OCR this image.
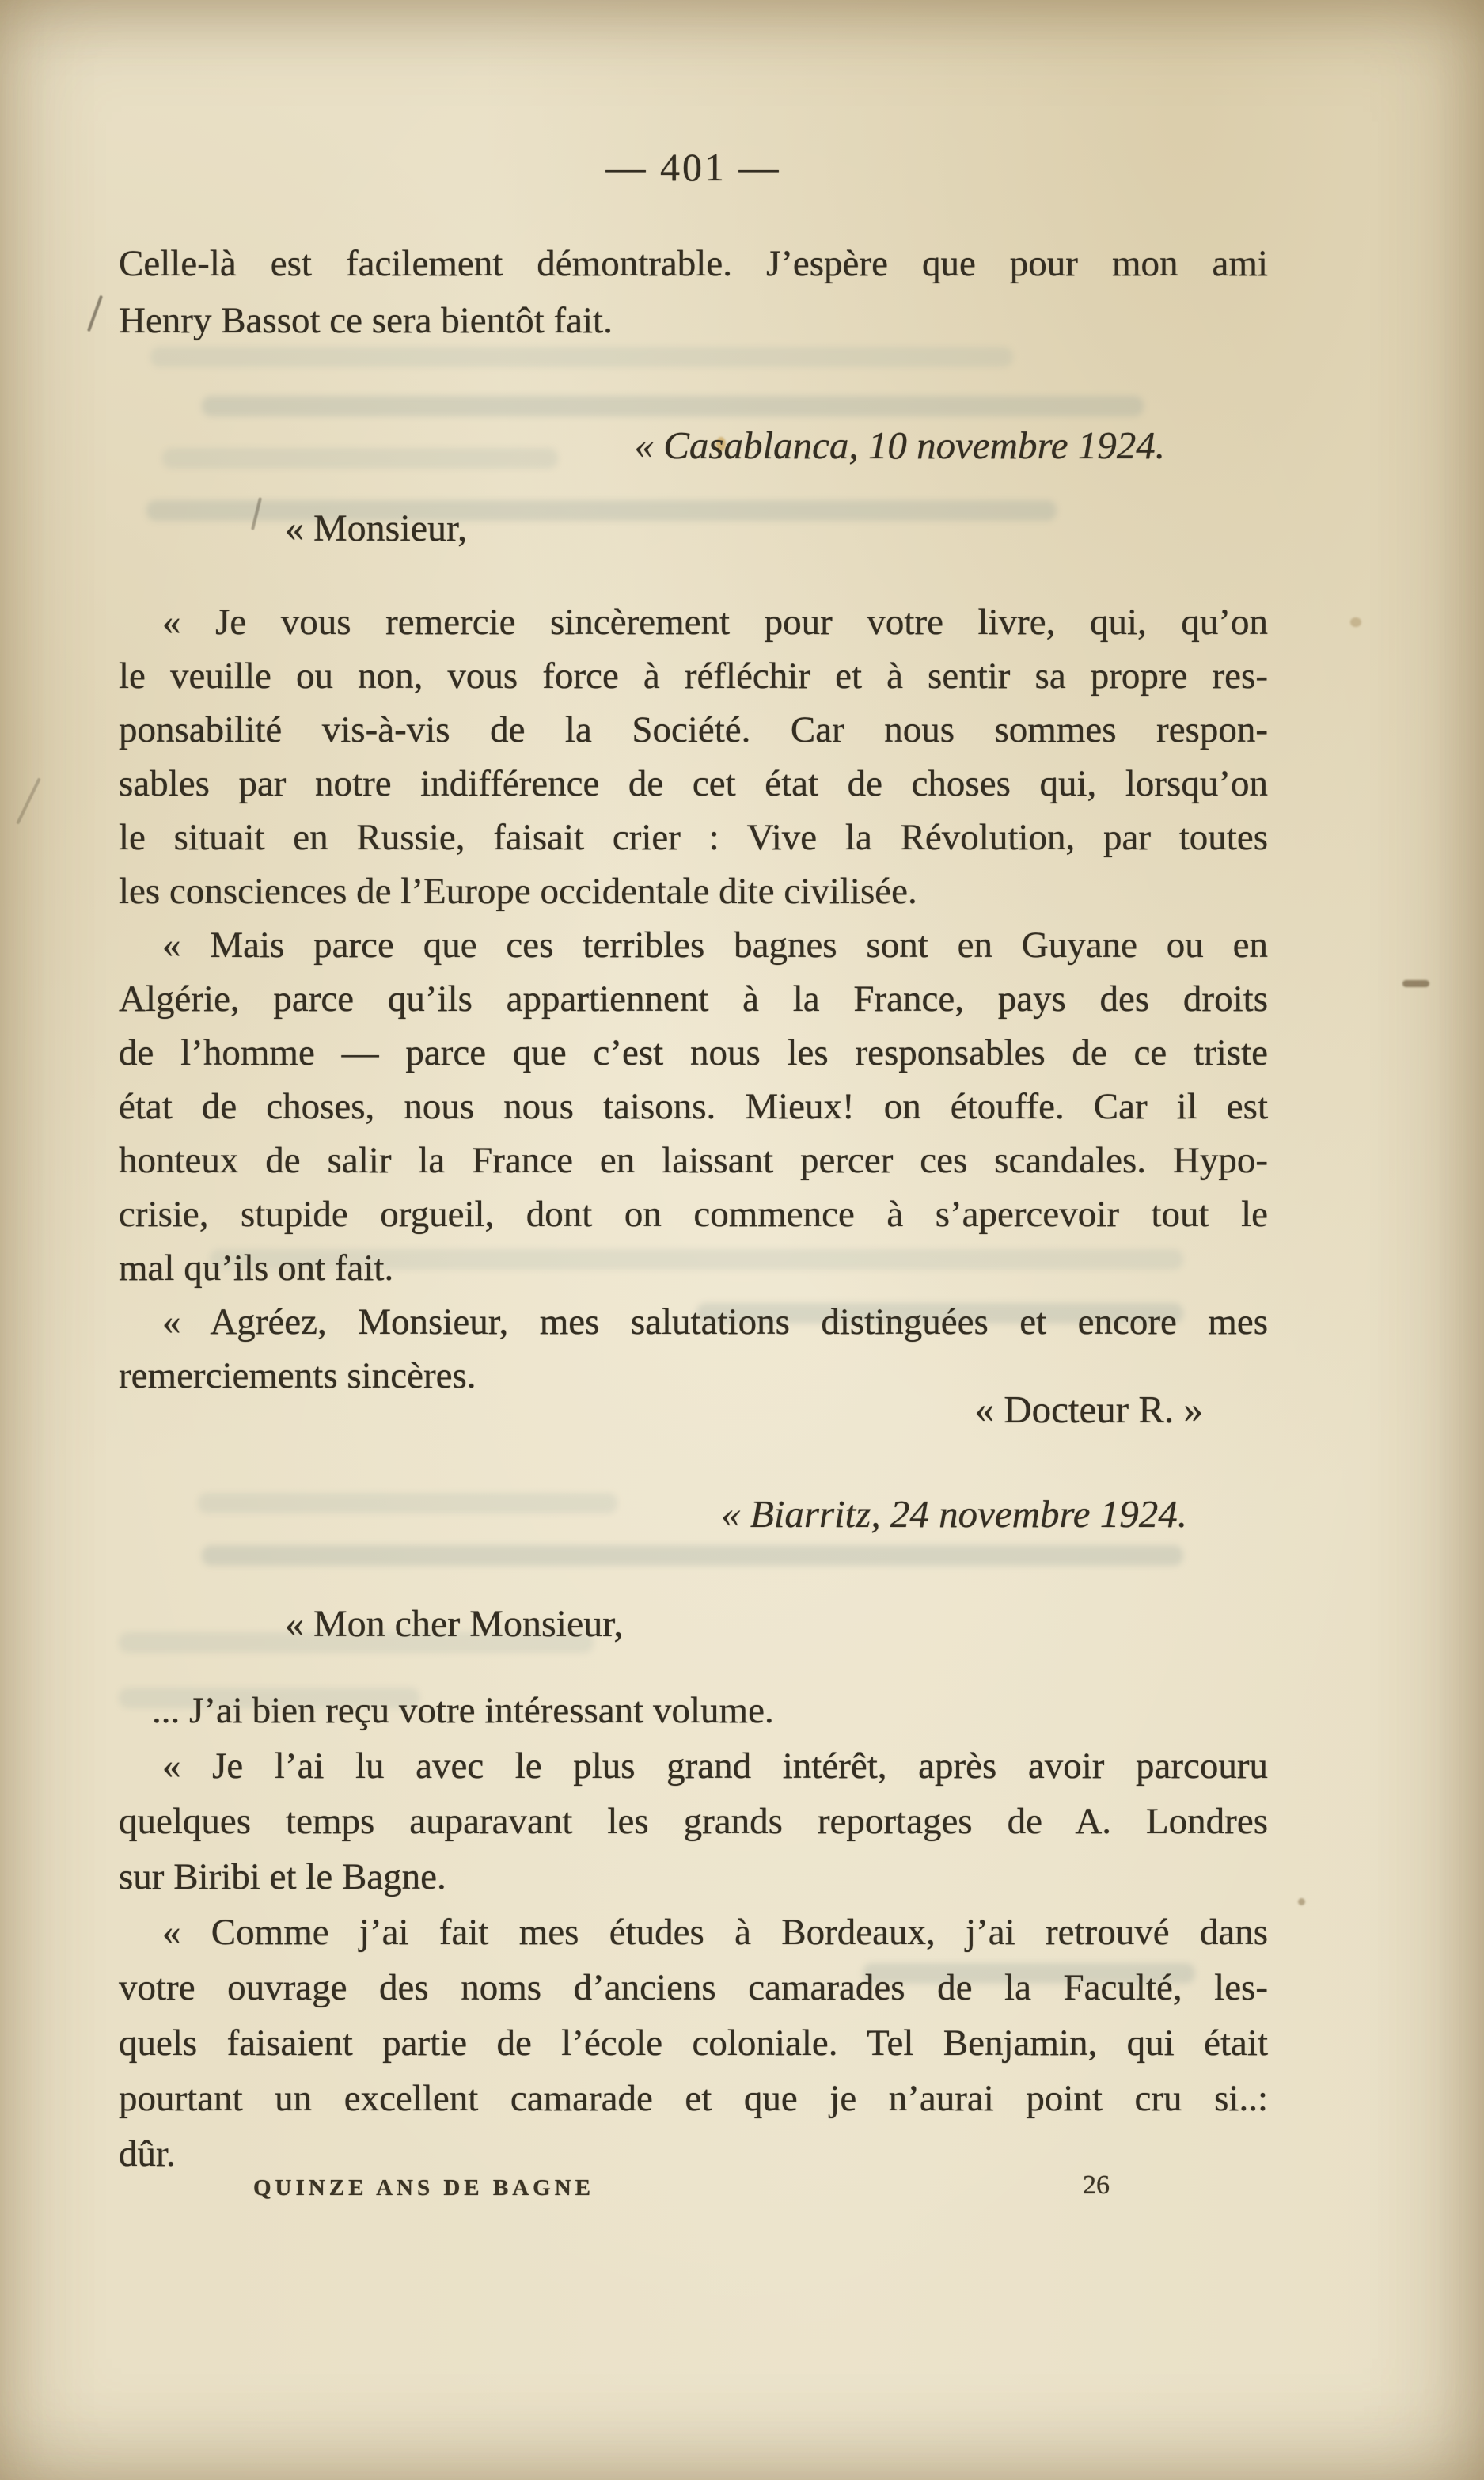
— 401 —
Celle-là est facilement démontrable. J’espère que pour mon ami
Henry Bassot ce sera bientôt fait.
« Casablanca, 10 novembre 1924.
« Monsieur,
« Je vous remercie sincèrement pour votre livre, qui, qu’on
le veuille ou non, vous force à réfléchir et à sentir sa propre res-
ponsabilité vis-à-vis de la Société. Car nous sommes respon-
sables par notre indifférence de cet état de choses qui, lorsqu’on
le situait en Russie, faisait crier : Vive la Révolution, par toutes
les consciences de l’Europe occidentale dite civilisée.
« Mais parce que ces terribles bagnes sont en Guyane ou en
Algérie, parce qu’ils appartiennent à la France, pays des droits
de l’homme — parce que c’est nous les responsables de ce triste
état de choses, nous nous taisons. Mieux! on étouffe. Car il est
honteux de salir la France en laissant percer ces scandales. Hypo-
crisie, stupide orgueil, dont on commence à s’apercevoir tout le
mal qu’ils ont fait.
« Agréez, Monsieur, mes salutations distinguées et encore mes
remerciements sincères.
« Docteur R. »
« Biarritz, 24 novembre 1924.
« Mon cher Monsieur,
... J’ai bien reçu votre intéressant volume.
« Je l’ai lu avec le plus grand intérêt, après avoir parcouru
quelques temps auparavant les grands reportages de A. Londres
sur Biribi et le Bagne.
« Comme j’ai fait mes études à Bordeaux, j’ai retrouvé dans
votre ouvrage des noms d’anciens camarades de la Faculté, les-
quels faisaient partie de l’école coloniale. Tel Benjamin, qui était
pourtant un excellent camarade et que je n’aurai point cru si..:
dûr.
QUINZE ANS DE BAGNE	26
